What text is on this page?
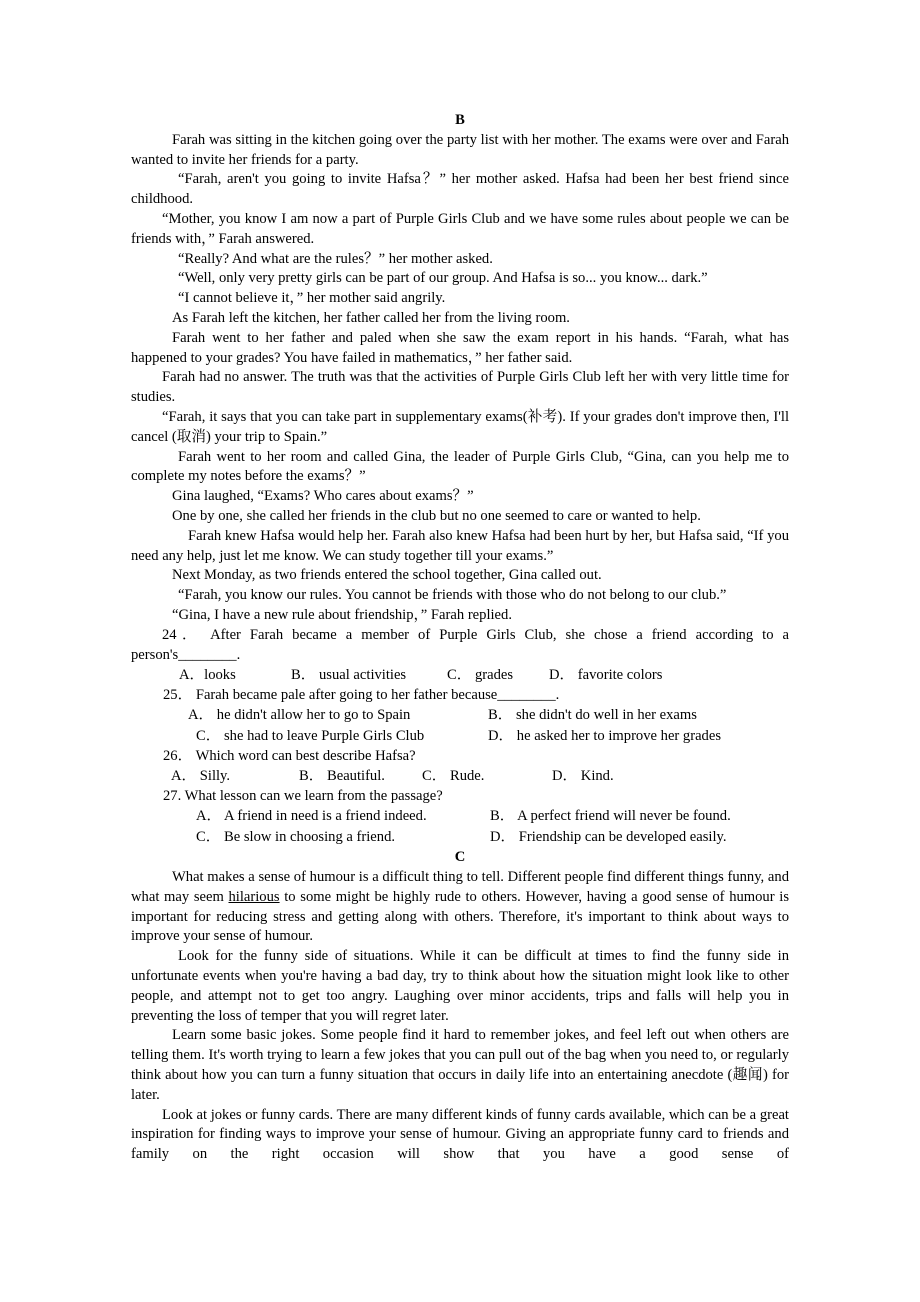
B

Farah was sitting in the kitchen going over the party list with her mother. The exams were over and Farah wanted to invite her friends for a party.

“Farah, aren't you going to invite Hafsa？” her mother asked. Hafsa had been her best friend since childhood.

“Mother, you know I am now a part of Purple Girls Club and we have some rules about people we can be friends with，” Farah answered.

“Really? And what are the rules？” her mother asked.

“Well, only very pretty girls can be part of our group. And Hafsa is so... you know... dark.”

“I cannot believe it，” her mother said angrily.

As Farah left the kitchen, her father called her from the living room.

Farah went to her father and paled when she saw the exam report in his hands. “Farah, what has happened to your grades? You have failed in mathematics，” her father said.

Farah had no answer. The truth was that the activities of Purple Girls Club left her with very little time for studies.

“Farah, it says that you can take part in supplementary exams(补考). If your grades don't improve then, I'll cancel (取消) your trip to Spain.”

Farah went to her room and called Gina, the leader of Purple Girls Club, “Gina, can you help me to complete my notes before the exams？”

Gina laughed, “Exams? Who cares about exams？”

One by one, she called her friends in the club but no one seemed to care or wanted to help.

Farah knew Hafsa would help her. Farah also knew Hafsa had been hurt by her, but Hafsa said, “If you need any help, just let me know. We can study together till your exams.”

Next Monday, as two friends entered the school together, Gina called out.

“Farah, you know our rules. You cannot be friends with those who do not belong to our club.”

“Gina, I have a new rule about friendship，” Farah replied.

24． After Farah became a member of Purple Girls Club, she chose a friend according to a person's________.

A．looks	B． usual activities	C． grades	D． favorite colors

25． Farah became pale after going to her father because________.

A． he didn't allow her to go to Spain	B． she didn't do well in her exams
C． she had to leave Purple Girls Club	D． he asked her to improve her grades

26． Which word can best describe Hafsa?

A． Silly.	B． Beautiful.	C． Rude.	D． Kind.

27. What lesson can we learn from the passage?

A． A friend in need is a friend indeed.	B． A perfect friend will never be found.
C． Be slow in choosing a friend.	D． Friendship can be developed easily.

C

What makes a sense of humour is a difficult thing to tell. Different people find different things funny, and what may seem hilarious to some might be highly rude to others. However, having a good sense of humour is important for reducing stress and getting along with others. Therefore, it's important to think about ways to improve your sense of humour.

Look for the funny side of situations. While it can be difficult at times to find the funny side in unfortunate events when you're having a bad day, try to think about how the situation might look like to other people, and attempt not to get too angry. Laughing over minor accidents, trips and falls will help you in preventing the loss of temper that you will regret later.

Learn some basic jokes. Some people find it hard to remember jokes, and feel left out when others are telling them. It's worth trying to learn a few jokes that you can pull out of the bag when you need to, or regularly think about how you can turn a funny situation that occurs in daily life into an entertaining anecdote (趣闻) for later.

Look at jokes or funny cards. There are many different kinds of funny cards available, which can be a great inspiration for finding ways to improve your sense of humour. Giving an appropriate funny card to friends and family on the right occasion will show that you have a good sense of
